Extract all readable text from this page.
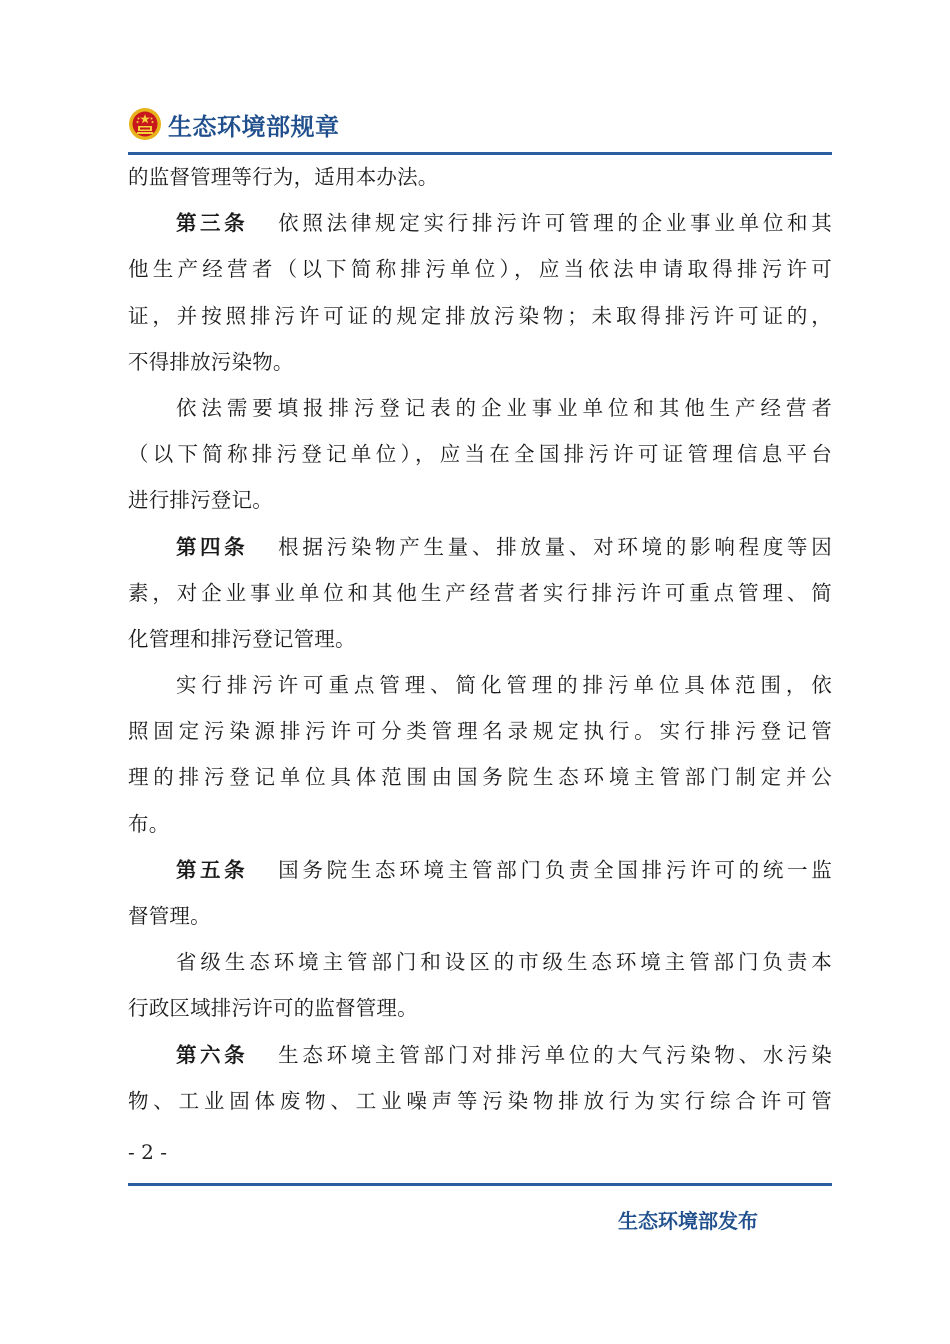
生态环境部规章
的监督管理等行为，适用本办法。
第三条 依照法律规定实行排污许可管理的企业事业单位和其
他生产经营者（以下简称排污单位），应当依法申请取得排污许可
证，并按照排污许可证的规定排放污染物；未取得排污许可证的，
不得排放污染物。
依法需要填报排污登记表的企业事业单位和其他生产经营者
（以下简称排污登记单位），应当在全国排污许可证管理信息平台
进行排污登记。
第四条 根据污染物产生量、排放量、对环境的影响程度等因
素，对企业事业单位和其他生产经营者实行排污许可重点管理、简
化管理和排污登记管理。
实行排污许可重点管理、简化管理的排污单位具体范围，依
照固定污染源排污许可分类管理名录规定执行。实行排污登记管
理的排污登记单位具体范围由国务院生态环境主管部门制定并公
布。
第五条 国务院生态环境主管部门负责全国排污许可的统一监
督管理。
省级生态环境主管部门和设区的市级生态环境主管部门负责本
行政区域排污许可的监督管理。
第六条 生态环境主管部门对排污单位的大气污染物、水污染
物、工业固体废物、工业噪声等污染物排放行为实行综合许可管
- 2 -
生态环境部发布
